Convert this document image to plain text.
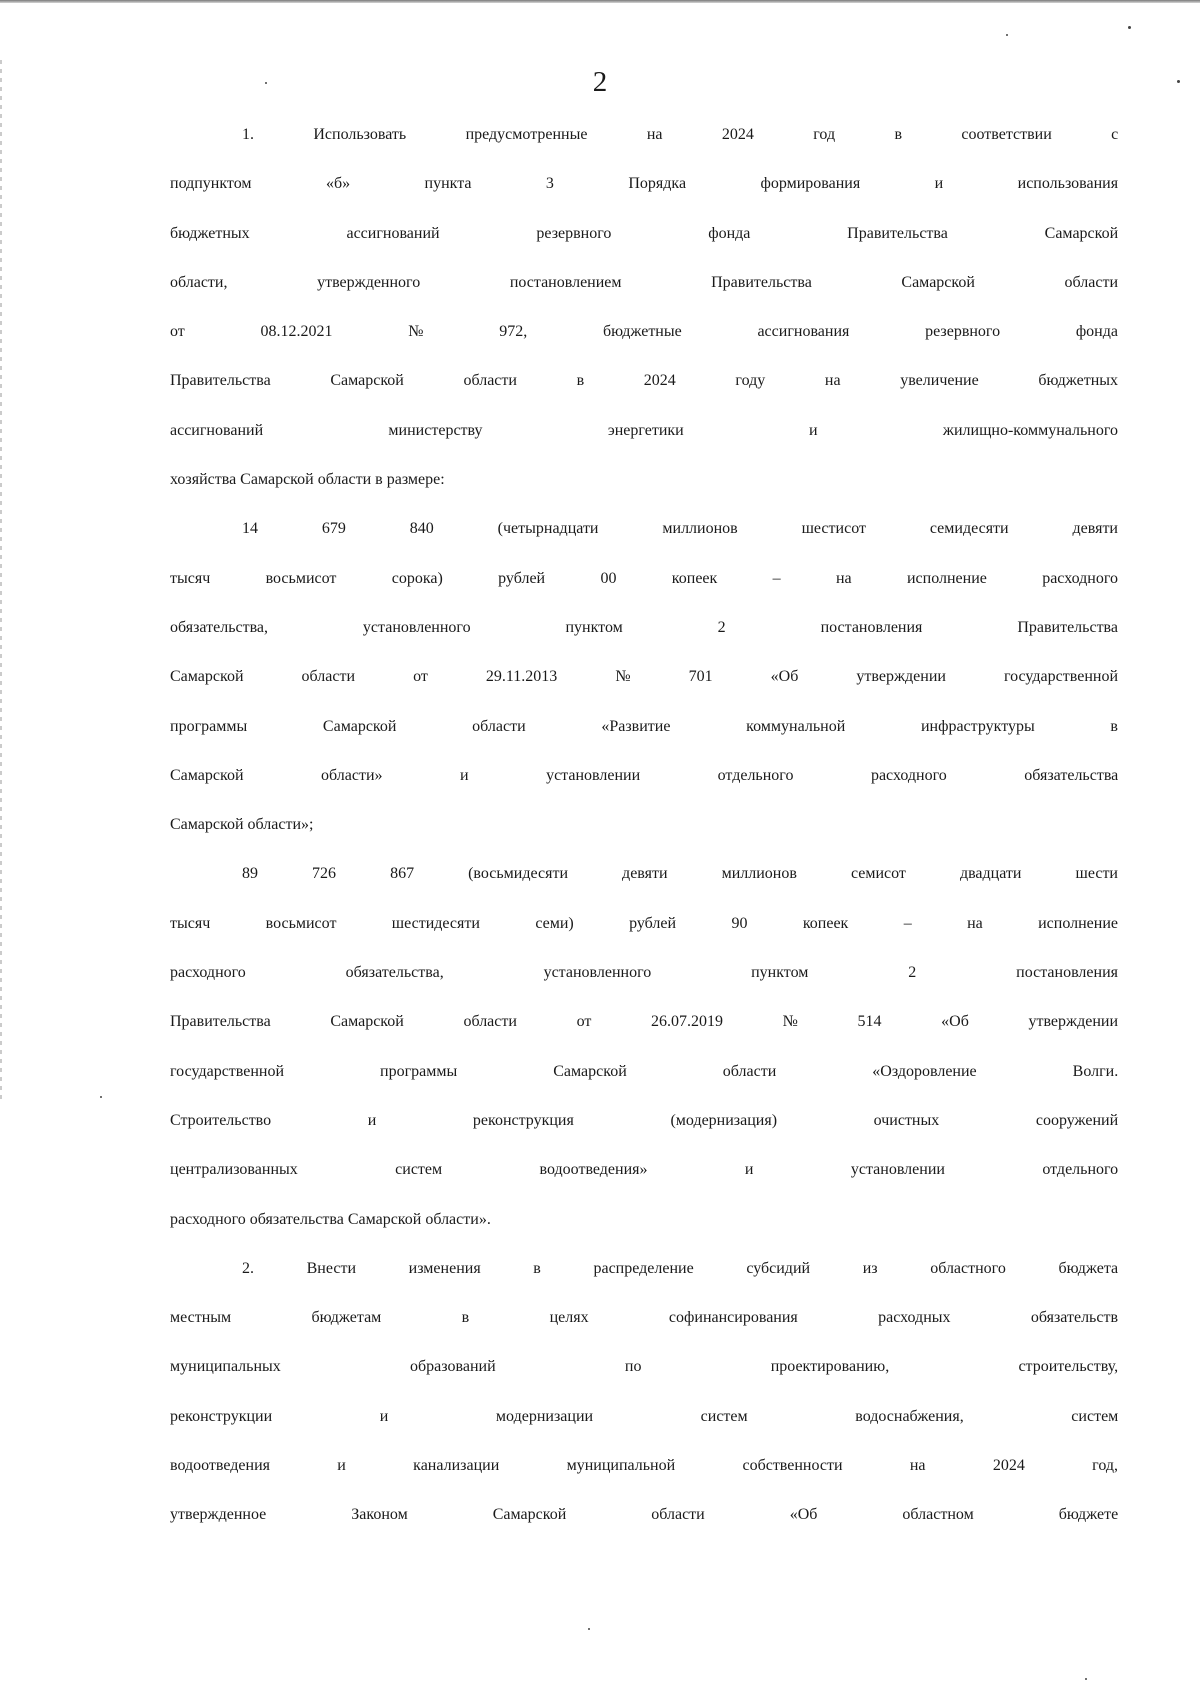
2
1. Использовать предусмотренные на 2024 год в соответствии с
подпунктом «б» пункта 3 Порядка формирования и использования
бюджетных ассигнований резервного фонда Правительства Самарской
области, утвержденного постановлением Правительства Самарской области
от 08.12.2021 № 972, бюджетные ассигнования резервного фонда
Правительства Самарской области в 2024 году на увеличение бюджетных
ассигнований министерству энергетики и жилищно-коммунального
хозяйства Самарской области в размере:
14 679 840 (четырнадцати миллионов шестисот семидесяти девяти
тысяч восьмисот сорока) рублей 00 копеек – на исполнение расходного
обязательства, установленного пунктом 2 постановления Правительства
Самарской области от 29.11.2013 № 701 «Об утверждении государственной
программы Самарской области «Развитие коммунальной инфраструктуры в
Самарской области» и установлении отдельного расходного обязательства
Самарской области»;
89 726 867 (восьмидесяти девяти миллионов семисот двадцати шести
тысяч восьмисот шестидесяти семи) рублей 90 копеек – на исполнение
расходного обязательства, установленного пунктом 2 постановления
Правительства Самарской области от 26.07.2019 № 514 «Об утверждении
государственной программы Самарской области «Оздоровление Волги.
Строительство и реконструкция (модернизация) очистных сооружений
централизованных систем водоотведения» и установлении отдельного
расходного обязательства Самарской области».
2. Внести изменения в распределение субсидий из областного бюджета
местным бюджетам в целях софинансирования расходных обязательств
муниципальных образований по проектированию, строительству,
реконструкции и модернизации систем водоснабжения, систем
водоотведения и канализации муниципальной собственности на 2024 год,
утвержденное Законом Самарской области «Об областном бюджете
